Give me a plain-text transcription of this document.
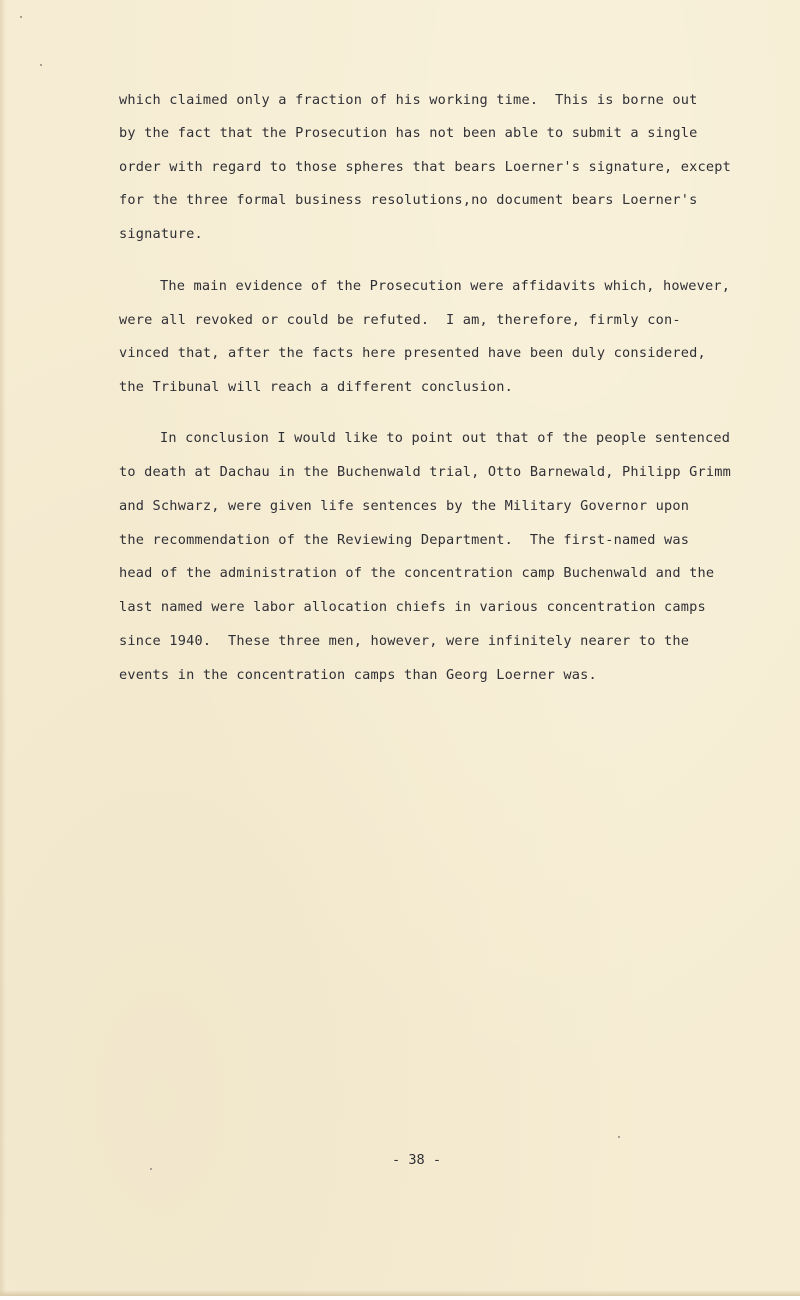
which claimed only a fraction of his working time.  This is borne out
by the fact that the Prosecution has not been able to submit a single
order with regard to those spheres that bears Loerner's signature, except
for the three formal business resolutions,no document bears Loerner's
signature.
The main evidence of the Prosecution were affidavits which, however,
were all revoked or could be refuted.  I am, therefore, firmly con-
vinced that, after the facts here presented have been duly considered,
the Tribunal will reach a different conclusion.
In conclusion I would like to point out that of the people sentenced
to death at Dachau in the Buchenwald trial, Otto Barnewald, Philipp Grimm
and Schwarz, were given life sentences by the Military Governor upon
the recommendation of the Reviewing Department.  The first-named was
head of the administration of the concentration camp Buchenwald and the
last named were labor allocation chiefs in various concentration camps
since 1940.  These three men, however, were infinitely nearer to the
events in the concentration camps than Georg Loerner was.
- 38 -
